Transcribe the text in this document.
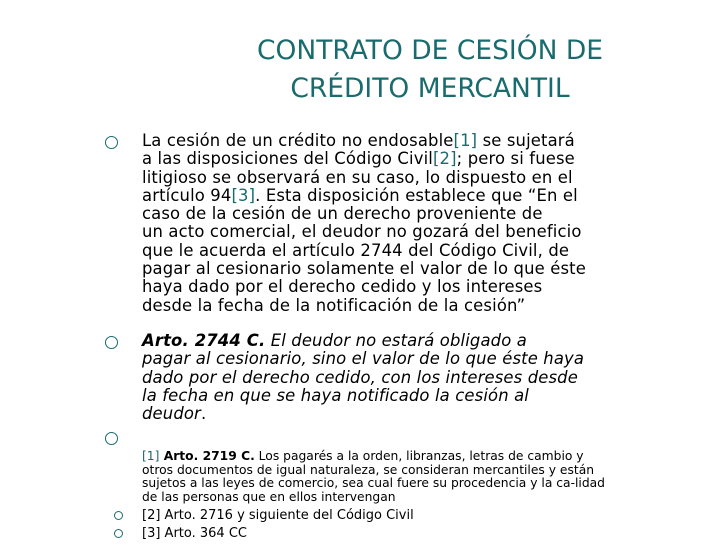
CONTRATO DE CESIÓN DE
CRÉDITO MERCANTIL
La cesión de un crédito no endosable[1] se sujetará
a las disposiciones del Código Civil[2]; pero si fuese
litigioso se observará en su caso, lo dispuesto en el
artículo 94[3]. Esta disposición establece que “En el
caso de la cesión de un derecho proveniente de
un acto comercial, el deudor no gozará del beneficio
que le acuerda el artículo 2744 del Código Civil, de
pagar al cesionario solamente el valor de lo que éste
haya dado por el derecho cedido y los intereses
desde la fecha de la notificación de la cesión”
Arto. 2744 C. El deudor no estará obligado a
pagar al cesionario, sino el valor de lo que éste haya
dado por el derecho cedido, con los intereses desde
la fecha en que se haya notificado la cesión al
deudor.
[1] Arto. 2719 C. Los pagarés a la orden, libranzas, letras de cambio y
otros documentos de igual naturaleza, se consideran mercantiles y están
sujetos a las leyes de comercio, sea cual fuere su procedencia y la ca-lidad
de las personas que en ellos intervengan
[2] Arto. 2716 y siguiente del Código Civil
[3] Arto. 364 CC
